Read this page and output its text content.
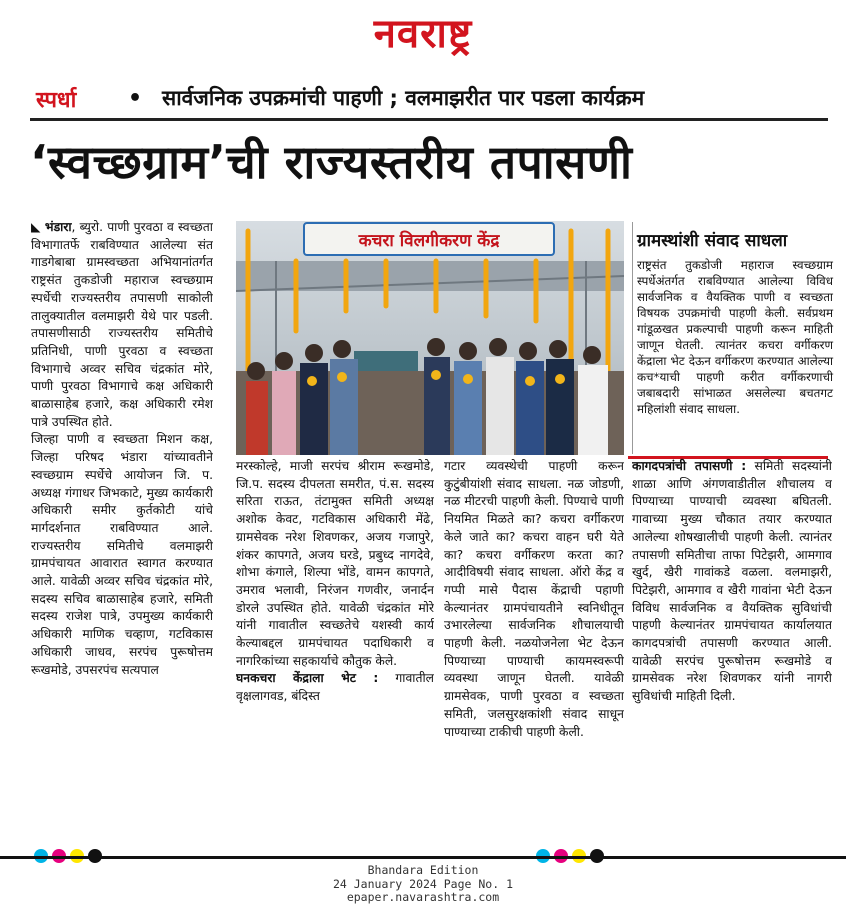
नवराष्ट्र
स्पर्धा • सार्वजनिक उपक्रमांची पाहणी ; वलमाझरीत पार पडला कार्यक्रम
‘स्वच्छग्राम’ची राज्यस्तरीय तपासणी

◣ भंडारा, ब्युरो. पाणी पुरवठा व स्वच्छता विभागातर्फे राबविण्यात आलेल्या संत गाडगेबाबा ग्रामस्वच्छता अभियानांतर्गत राष्ट्रसंत तुकडोजी महाराज स्वच्छग्राम स्पर्धेची राज्यस्तरीय तपासणी साकोली तालुक्यातील वलमाझरी येथे पार पडली. तपासणीसाठी राज्यस्तरीय समितीचे प्रतिनिधी, पाणी पुरवठा व स्वच्छता विभागाचे अव्वर सचिव चंद्रकांत मोरे, पाणी पुरवठा विभागाचे कक्ष अधिकारी बाळासाहेब हजारे, कक्ष अधिकारी रमेश पात्रे उपस्थित होते.

जिल्हा पाणी व स्वच्छता मिशन कक्ष, जिल्हा परिषद भंडारा यांच्यावतीने स्वच्छग्राम स्पर्धेचे आयोजन जि. प. अध्यक्ष गंगाधर जिभकाटे, मुख्य कार्यकारी अधिकारी समीर कुर्तकोटी यांचे मार्गदर्शनात राबविण्यात आले. राज्यस्तरीय समितीचे वलमाझरी ग्रामपंचायत आवारात स्वागत करण्यात आले. यावेळी अव्वर सचिव चंद्रकांत मोरे, सदस्य सचिव बाळासाहेब हजारे, समिती सदस्य राजेश पात्रे, उपमुख्य कार्यकारी अधिकारी माणिक चव्हाण, गटविकास अधिकारी जाधव, सरपंच पुरूषोत्तम रूखमोडे, उपसरपंच सत्यपाल

कचरा विलगीकरण केंद्र	ग्रामस्थांशी संवाद साधला
राष्ट्रसंत तुकडोजी महाराज स्वच्छग्राम स्पर्धेअंतर्गत राबविण्यात आलेल्या विविध सार्वजनिक व वैयक्तिक पाणी व स्वच्छता विषयक उपक्रमांची पाहणी केली. सर्वप्रथम गांडूळखत प्रकल्पाची पाहणी करून माहिती जाणून घेतली. त्यानंतर कचरा वर्गीकरण केंद्राला भेट देऊन वर्गीकरण करण्यात आलेल्या कच*याची पाहणी करीत वर्गीकरणाची जबाबदारी सांभाळत असलेल्या बचतगट महिलांशी संवाद साधला.

मरस्कोल्हे, माजी सरपंच श्रीराम रूखमोडे, जि.प. सदस्य दीपलता समरीत, पं.स. सदस्य सरिता राऊत, तंटामुक्त समिती अध्यक्ष अशोक केवट, गटविकास अधिकारी मेंढे, ग्रामसेवक नरेश शिवणकर, अजय गजापुरे, शंकर कापगते, अजय घरडे, प्रबुध्द नागदेवे, शोभा कंगाले, शिल्पा भोंडे, वामन कापगते, उमराव भलावी, निरंजन गणवीर, जनार्दन डोरले उपस्थित होते. यावेळी चंद्रकांत मोरे यांनी गावातील स्वच्छतेचे यशस्वी कार्य केल्याबद्दल ग्रामपंचायत पदाधिकारी व नागरिकांच्या सहकार्याचे कौतुक केले.

घनकचरा केंद्राला भेट : गावातील वृक्षलागवड, बंदिस्त

गटार व्यवस्थेची पाहणी करून कुटुंबीयांशी संवाद साधला. नळ जोडणी, नळ मीटरची पाहणी केली. पिण्याचे पाणी नियमित मिळते का? कचरा वर्गीकरण केले जाते का? कचरा वाहन घरी येते का? कचरा वर्गीकरण करता का? आदीविषयी संवाद साधला. ऑरो केंद्र व गप्पी मासे पैदास केंद्राची पहाणी केल्यानंतर ग्रामपंचायतीने स्वनिधीतून उभारलेल्या सार्वजनिक शौचालयाची पाहणी केली. नळयोजनेला भेट देऊन पिण्याच्या पाण्याची कायमस्वरूपी व्यवस्था जाणून घेतली. यावेळी ग्रामसेवक, पाणी पुरवठा व स्वच्छता समिती, जलसुरक्षकांशी संवाद साधून पाण्याच्या टाकीची पाहणी केली.

कागदपत्रांची तपासणी : समिती सदस्यांनी शाळा आणि अंगणवाडीतील शौचालय व पिण्याच्या पाण्याची व्यवस्था बघितली. गावाच्या मुख्य चौकात तयार करण्यात आलेल्या शोषखालीची पाहणी केली. त्यानंतर तपासणी समितीचा ताफा पिटेझरी, आमगाव खुर्द, खैरी गावांकडे वळला. वलमाझरी, पिटेझरी, आमगाव व खैरी गावांना भेटी देऊन विविध सार्वजनिक व वैयक्तिक सुविधांची पाहणी केल्यानंतर ग्रामपंचायत कार्यालयात कागदपत्रांची तपासणी करण्यात आली. यावेळी सरपंच पुरूषोत्तम रूखमोडे व ग्रामसेवक नरेश शिवणकर यांनी नागरी सुविधांची माहिती दिली.

Bhandara Edition
24 January 2024 Page No. 1
epaper.navarashtra.com
